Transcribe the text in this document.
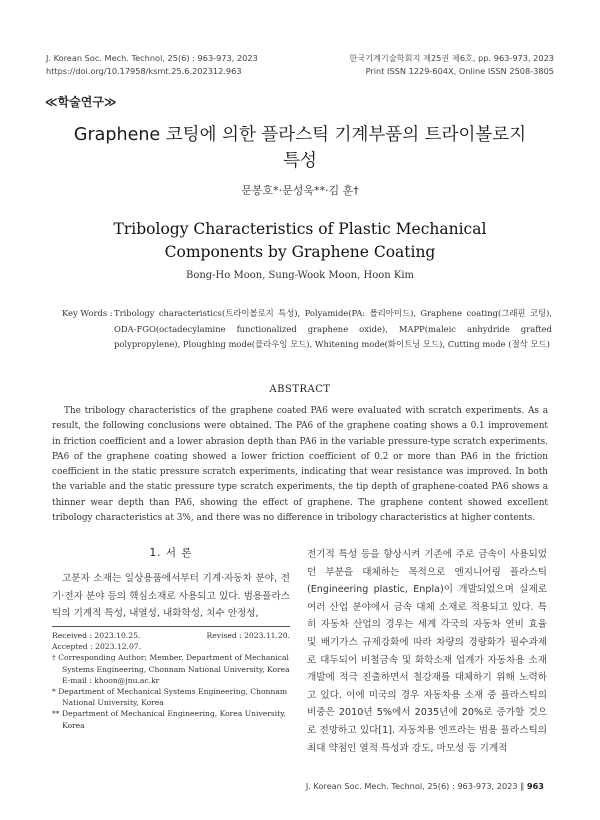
J. Korean Soc. Mech. Technol, 25(6) : 963-973, 2023
https://doi.org/10.17958/ksmt.25.6.202312.963
한국기계기술학회지 제25권 제6호, pp. 963-973, 2023
Print ISSN 1229-604X, Online ISSN 2508-3805
≪학술연구≫
Graphene 코팅에 의한 플라스틱 기계부품의 트라이볼로지
특성
문봉호*·문성욱**·김 훈†
Tribology Characteristics of Plastic Mechanical
Components by Graphene Coating
Bong-Ho Moon, Sung-Wook Moon, Hoon Kim
Key Words : Tribology characteristics(트라이볼로지 특성), Polyamide(PA: 폴리아미드), Graphene coating(그래핀 코팅), ODA-FGO(octadecylamine functionalized graphene oxide), MAPP(maleic anhydride grafted polypropylene), Ploughing mode(플라우잉 모드), Whitening mode(화이트닝 모드), Cutting mode (절삭 모드)
ABSTRACT
The tribology characteristics of the graphene coated PA6 were evaluated with scratch experiments. As a result, the following conclusions were obtained. The PA6 of the graphene coating shows a 0.1 improvement in friction coefficient and a lower abrasion depth than PA6 in the variable pressure-type scratch experiments. PA6 of the graphene coating showed a lower friction coefficient of 0.2 or more than PA6 in the friction coefficient in the static pressure scratch experiments, indicating that wear resistance was improved. In both the variable and the static pressure type scratch experiments, the tip depth of graphene-coated PA6 shows a thinner wear depth than PA6, showing the effect of graphene. The graphene content showed excellent tribology characteristics at 3%, and there was no difference in tribology characteristics at higher contents.
1. 서 론
고분자 소재는 일상용품에서부터 기계·자동차 분야, 전기·전자 분야 등의 핵심소재로 사용되고 있다. 범용플라스틱의 기계적 특성, 내열성, 내화학성, 치수 안정성,
Received : 2023.10.25.	Revised : 2023.11.20.
Accepted : 2023.12.07.
† Corresponding Author; Member, Department of Mechanical Systems Engineering, Chonnam National University, Korea
E-mail : khoon@jnu.ac.kr
* Department of Mechanical Systems Engineering, Chonnam National University, Korea
** Department of Mechanical Engineering, Korea University, Korea
전기적 특성 등을 향상시켜 기존에 주로 금속이 사용되었던 부분을 대체하는 목적으로 엔지니어링 플라스틱(Engineering plastic, Enpla)이 개발되었으며 실제로 여러 산업 분야에서 금속 대체 소재로 적용되고 있다. 특히 자동차 산업의 경우는 세계 각국의 자동차 연비 효율 및 배기가스 규제강화에 따라 차량의 경량화가 필수과제로 대두되어 비철금속 및 화학소재 업계가 자동차용 소재 개발에 적극 진출하면서 철강재를 대체하기 위해 노력하고 있다. 이에 미국의 경우 자동차용 소재 중 플라스틱의 비중은 2010년 5%에서 2035년에 20%로 증가할 것으로 전망하고 있다[1]. 자동차용 엔프라는 범용 플라스틱의 최대 약점인 열적 특성과 강도, 마모성 등 기계적
J. Korean Soc. Mech. Technol, 25(6) : 963-973, 2023 ∥ 963
